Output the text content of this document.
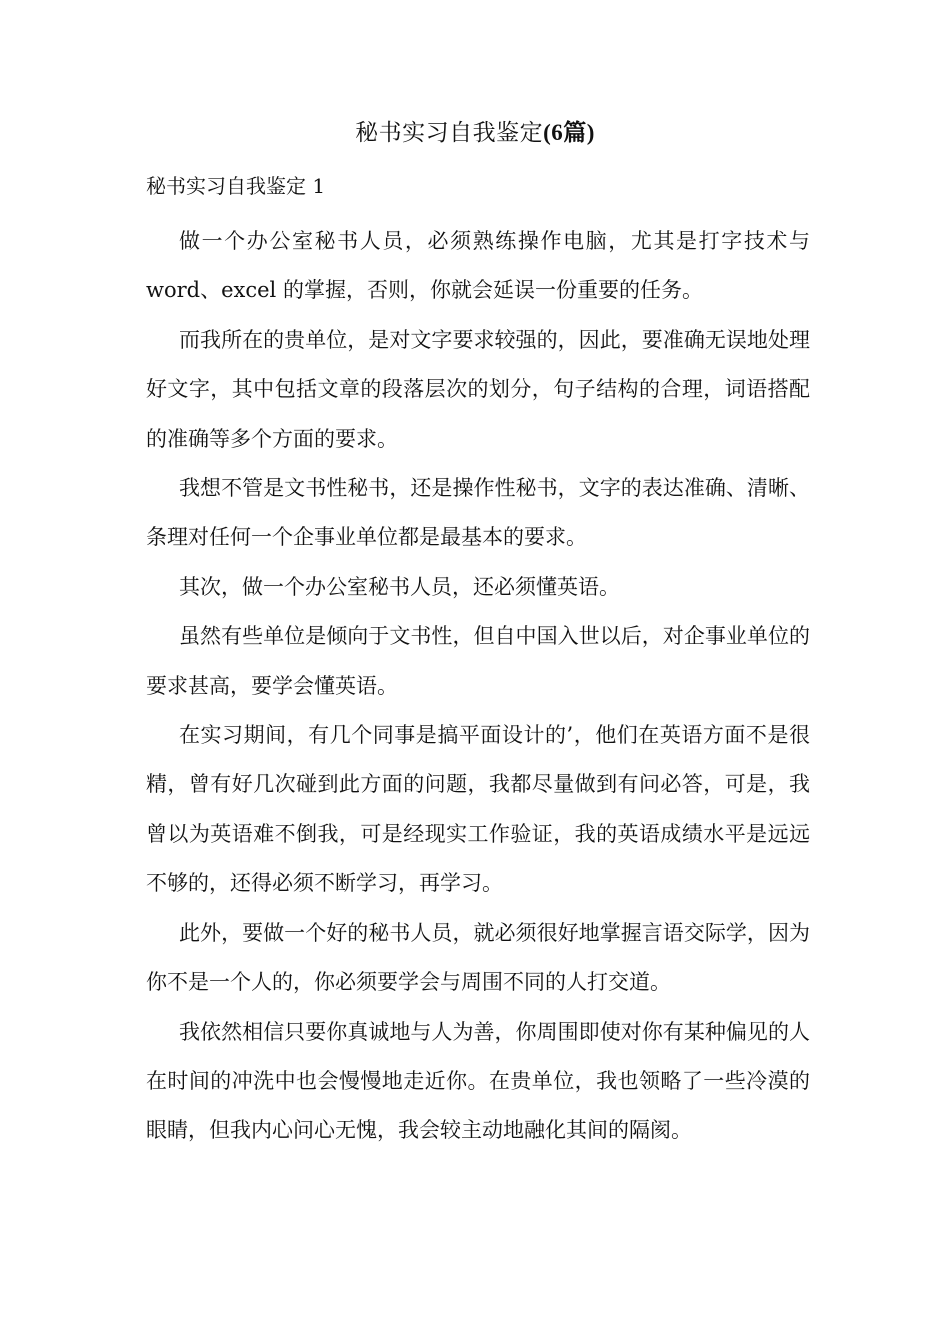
秘书实习自我鉴定(6篇)
秘书实习自我鉴定 1

做一个办公室秘书人员，必须熟练操作电脑，尤其是打字技术与word、excel 的掌握，否则，你就会延误一份重要的任务。

而我所在的贵单位，是对文字要求较强的，因此，要准确无误地处理好文字，其中包括文章的段落层次的划分，句子结构的合理，词语搭配的准确等多个方面的要求。

我想不管是文书性秘书，还是操作性秘书，文字的表达准确、清晰、条理对任何一个企事业单位都是最基本的要求。

其次，做一个办公室秘书人员，还必须懂英语。

虽然有些单位是倾向于文书性，但自中国入世以后，对企事业单位的要求甚高，要学会懂英语。

在实习期间，有几个同事是搞平面设计的’，他们在英语方面不是很精，曾有好几次碰到此方面的问题，我都尽量做到有问必答，可是，我曾以为英语难不倒我，可是经现实工作验证，我的英语成绩水平是远远不够的，还得必须不断学习，再学习。

此外，要做一个好的秘书人员，就必须很好地掌握言语交际学，因为你不是一个人的，你必须要学会与周围不同的人打交道。

我依然相信只要你真诚地与人为善，你周围即使对你有某种偏见的人在时间的冲洗中也会慢慢地走近你。在贵单位，我也领略了一些冷漠的眼睛，但我内心问心无愧，我会较主动地融化其间的隔阂。
